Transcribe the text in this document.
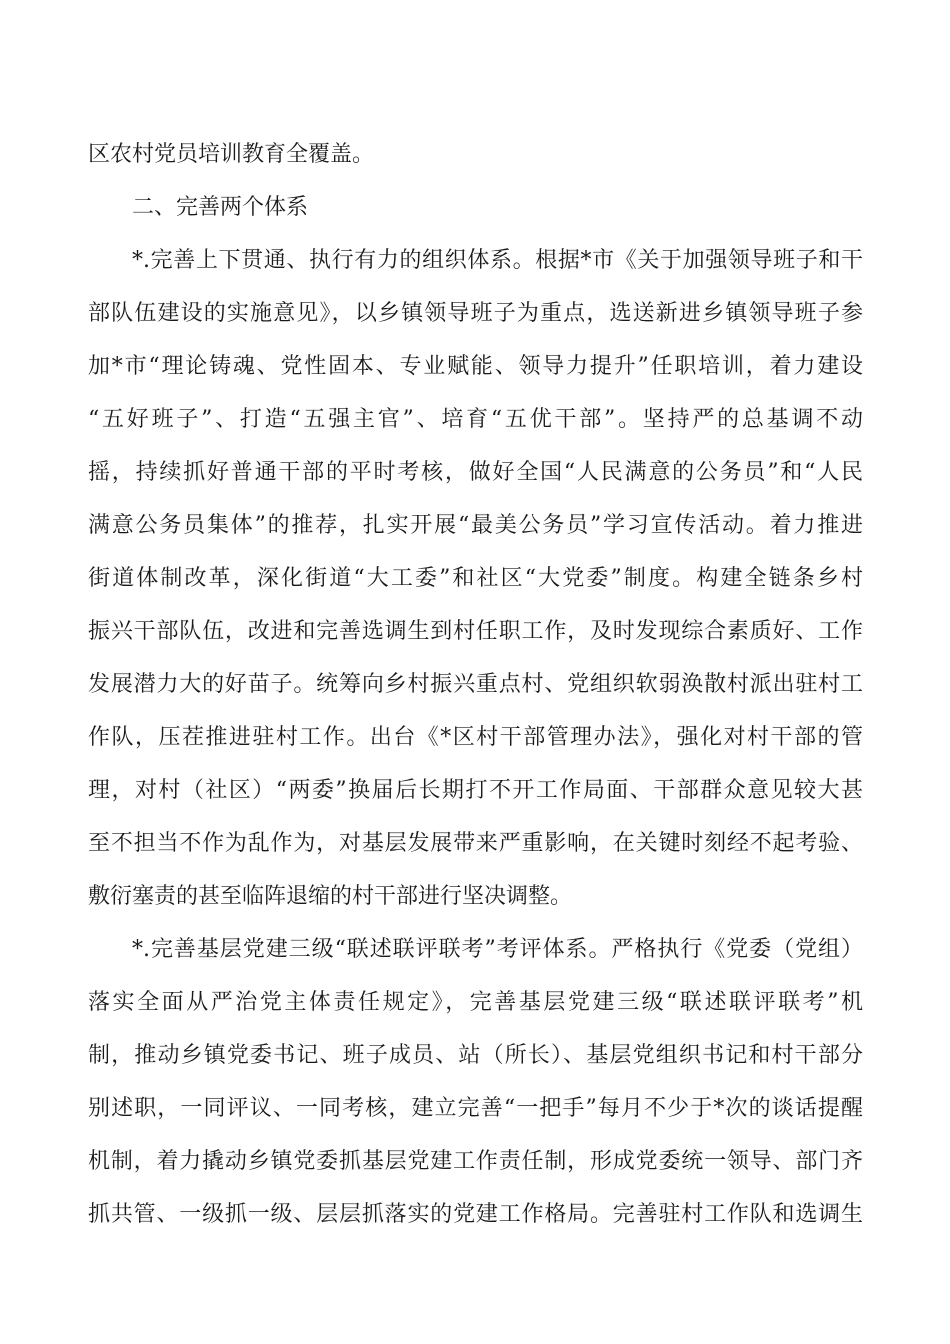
区农村党员培训教育全覆盖。
二、完善两个体系
*.完善上下贯通、执行有力的组织体系。根据*市《关于加强领导班子和干
部队伍建设的实施意见》，以乡镇领导班子为重点，选送新进乡镇领导班子参
加*市“理论铸魂、党性固本、专业赋能、领导力提升”任职培训，着力建设
“五好班子”、打造“五强主官”、培育“五优干部”。坚持严的总基调不动
摇，持续抓好普通干部的平时考核，做好全国“人民满意的公务员”和“人民
满意公务员集体”的推荐，扎实开展“最美公务员”学习宣传活动。着力推进
街道体制改革，深化街道“大工委”和社区“大党委”制度。构建全链条乡村
振兴干部队伍，改进和完善选调生到村任职工作，及时发现综合素质好、工作
发展潜力大的好苗子。统筹向乡村振兴重点村、党组织软弱涣散村派出驻村工
作队，压茬推进驻村工作。出台《*区村干部管理办法》，强化对村干部的管
理，对村（社区）“两委”换届后长期打不开工作局面、干部群众意见较大甚
至不担当不作为乱作为，对基层发展带来严重影响，在关键时刻经不起考验、
敷衍塞责的甚至临阵退缩的村干部进行坚决调整。
*.完善基层党建三级“联述联评联考”考评体系。严格执行《党委（党组）
落实全面从严治党主体责任规定》，完善基层党建三级“联述联评联考”机
制，推动乡镇党委书记、班子成员、站（所长）、基层党组织书记和村干部分
别述职，一同评议、一同考核，建立完善“一把手”每月不少于*次的谈话提醒
机制，着力撬动乡镇党委抓基层党建工作责任制，形成党委统一领导、部门齐
抓共管、一级抓一级、层层抓落实的党建工作格局。完善驻村工作队和选调生
